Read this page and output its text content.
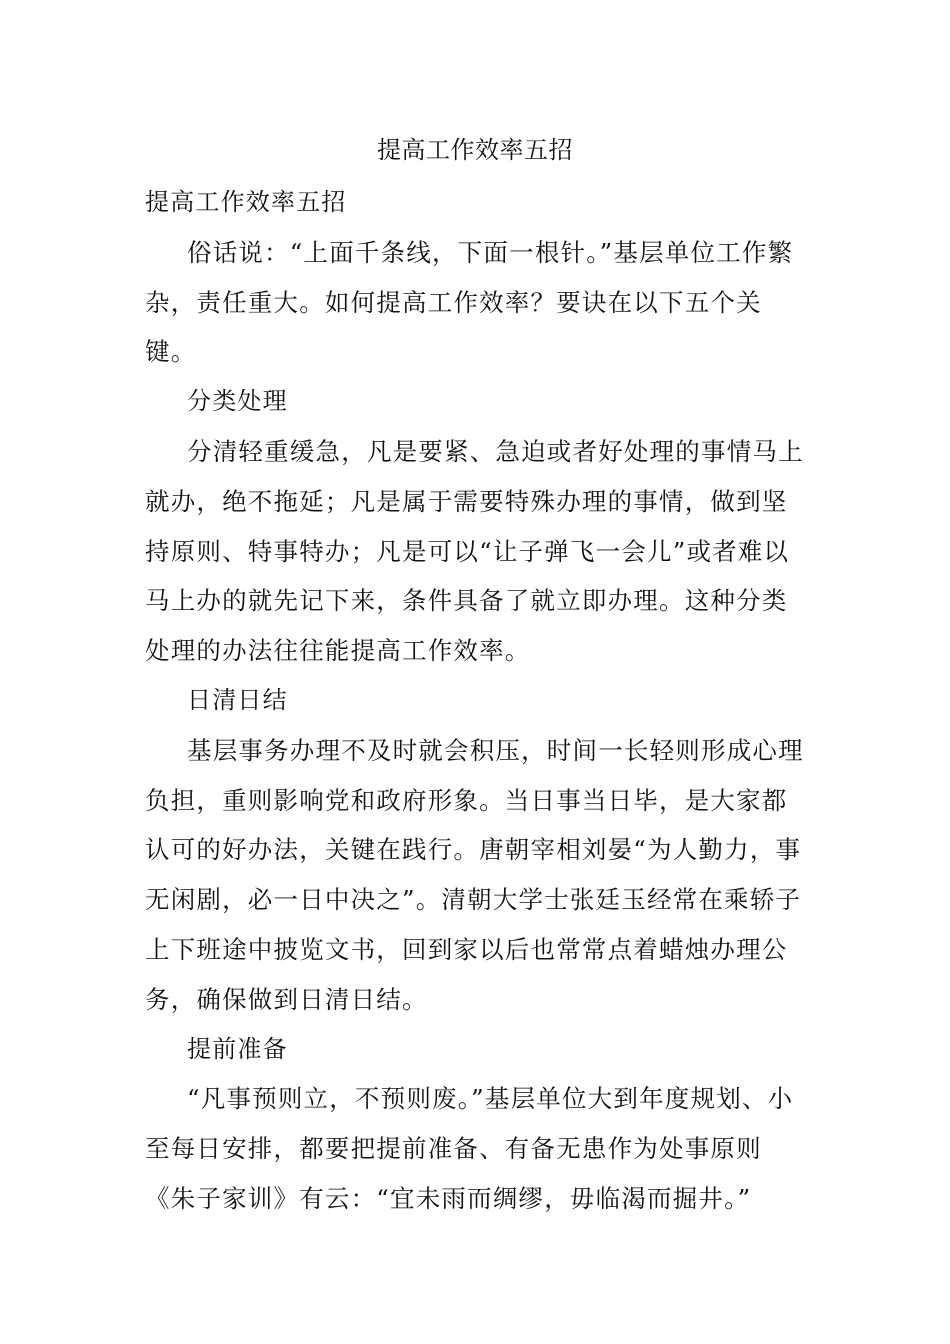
提高工作效率五招

提高工作效率五招

俗话说：“上面千条线，下面一根针。”基层单位工作繁杂，责任重大。如何提高工作效率？要诀在以下五个关键。

分类处理

分清轻重缓急，凡是要紧、急迫或者好处理的事情马上就办，绝不拖延；凡是属于需要特殊办理的事情，做到坚持原则、特事特办；凡是可以“让子弹飞一会儿”或者难以马上办的就先记下来，条件具备了就立即办理。这种分类处理的办法往往能提高工作效率。

日清日结

基层事务办理不及时就会积压，时间一长轻则形成心理负担，重则影响党和政府形象。当日事当日毕，是大家都认可的好办法，关键在践行。唐朝宰相刘晏“为人勤力，事无闲剧，必一日中决之”。清朝大学士张廷玉经常在乘轿子上下班途中披览文书，回到家以后也常常点着蜡烛办理公务，确保做到日清日结。

提前准备

“凡事预则立，不预则废。”基层单位大到年度规划、小至每日安排，都要把提前准备、有备无患作为处事原则《朱子家训》有云：“宜未雨而绸缪，毋临渴而掘井。”
